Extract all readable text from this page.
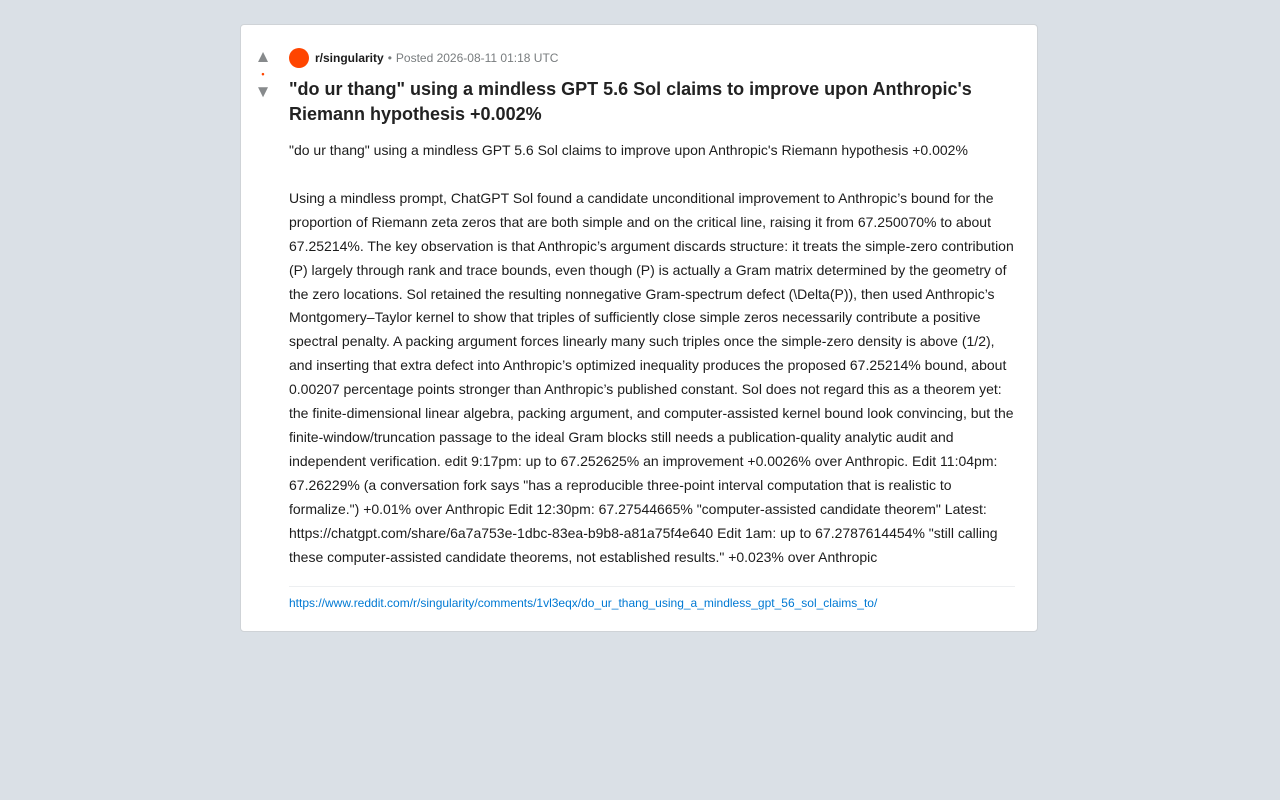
▲
•
▼
r/singularity • Posted 2026-08-11 01:18 UTC
"do ur thang" using a mindless GPT 5.6 Sol claims to improve upon Anthropic's Riemann hypothesis +0.002%

"do ur thang" using a mindless GPT 5.6 Sol claims to improve upon Anthropic's Riemann hypothesis +0.002%

Using a mindless prompt, ChatGPT Sol found a candidate unconditional improvement to Anthropic’s bound for the proportion of Riemann zeta zeros that are both simple and on the critical line, raising it from 67.250070% to about 67.25214%. The key observation is that Anthropic’s argument discards structure: it treats the simple-zero contribution (P) largely through rank and trace bounds, even though (P) is actually a Gram matrix determined by the geometry of the zero locations. Sol retained the resulting nonnegative Gram-spectrum defect (\Delta(P)), then used Anthropic’s Montgomery–Taylor kernel to show that triples of sufficiently close simple zeros necessarily contribute a positive spectral penalty. A packing argument forces linearly many such triples once the simple-zero density is above (1/2), and inserting that extra defect into Anthropic’s optimized inequality produces the proposed 67.25214% bound, about 0.00207 percentage points stronger than Anthropic’s published constant. Sol does not regard this as a theorem yet: the finite-dimensional linear algebra, packing argument, and computer-assisted kernel bound look convincing, but the finite-window/truncation passage to the ideal Gram blocks still needs a publication-quality analytic audit and independent verification. edit 9:17pm: up to 67.252625% an improvement +0.0026% over Anthropic. Edit 11:04pm: 67.26229% (a conversation fork says "has a reproducible three-point interval computation that is realistic to formalize.") +0.01% over Anthropic Edit 12:30pm: 67.27544665% "computer-assisted candidate theorem" Latest: https://chatgpt.com/share/6a7a753e-1dbc-83ea-b9b8-a81a75f4e640 Edit 1am: up to 67.2787614454% "still calling these computer-assisted candidate theorems, not established results." +0.023% over Anthropic

https://www.reddit.com/r/singularity/comments/1vl3eqx/do_ur_thang_using_a_mindless_gpt_56_sol_claims_to/
